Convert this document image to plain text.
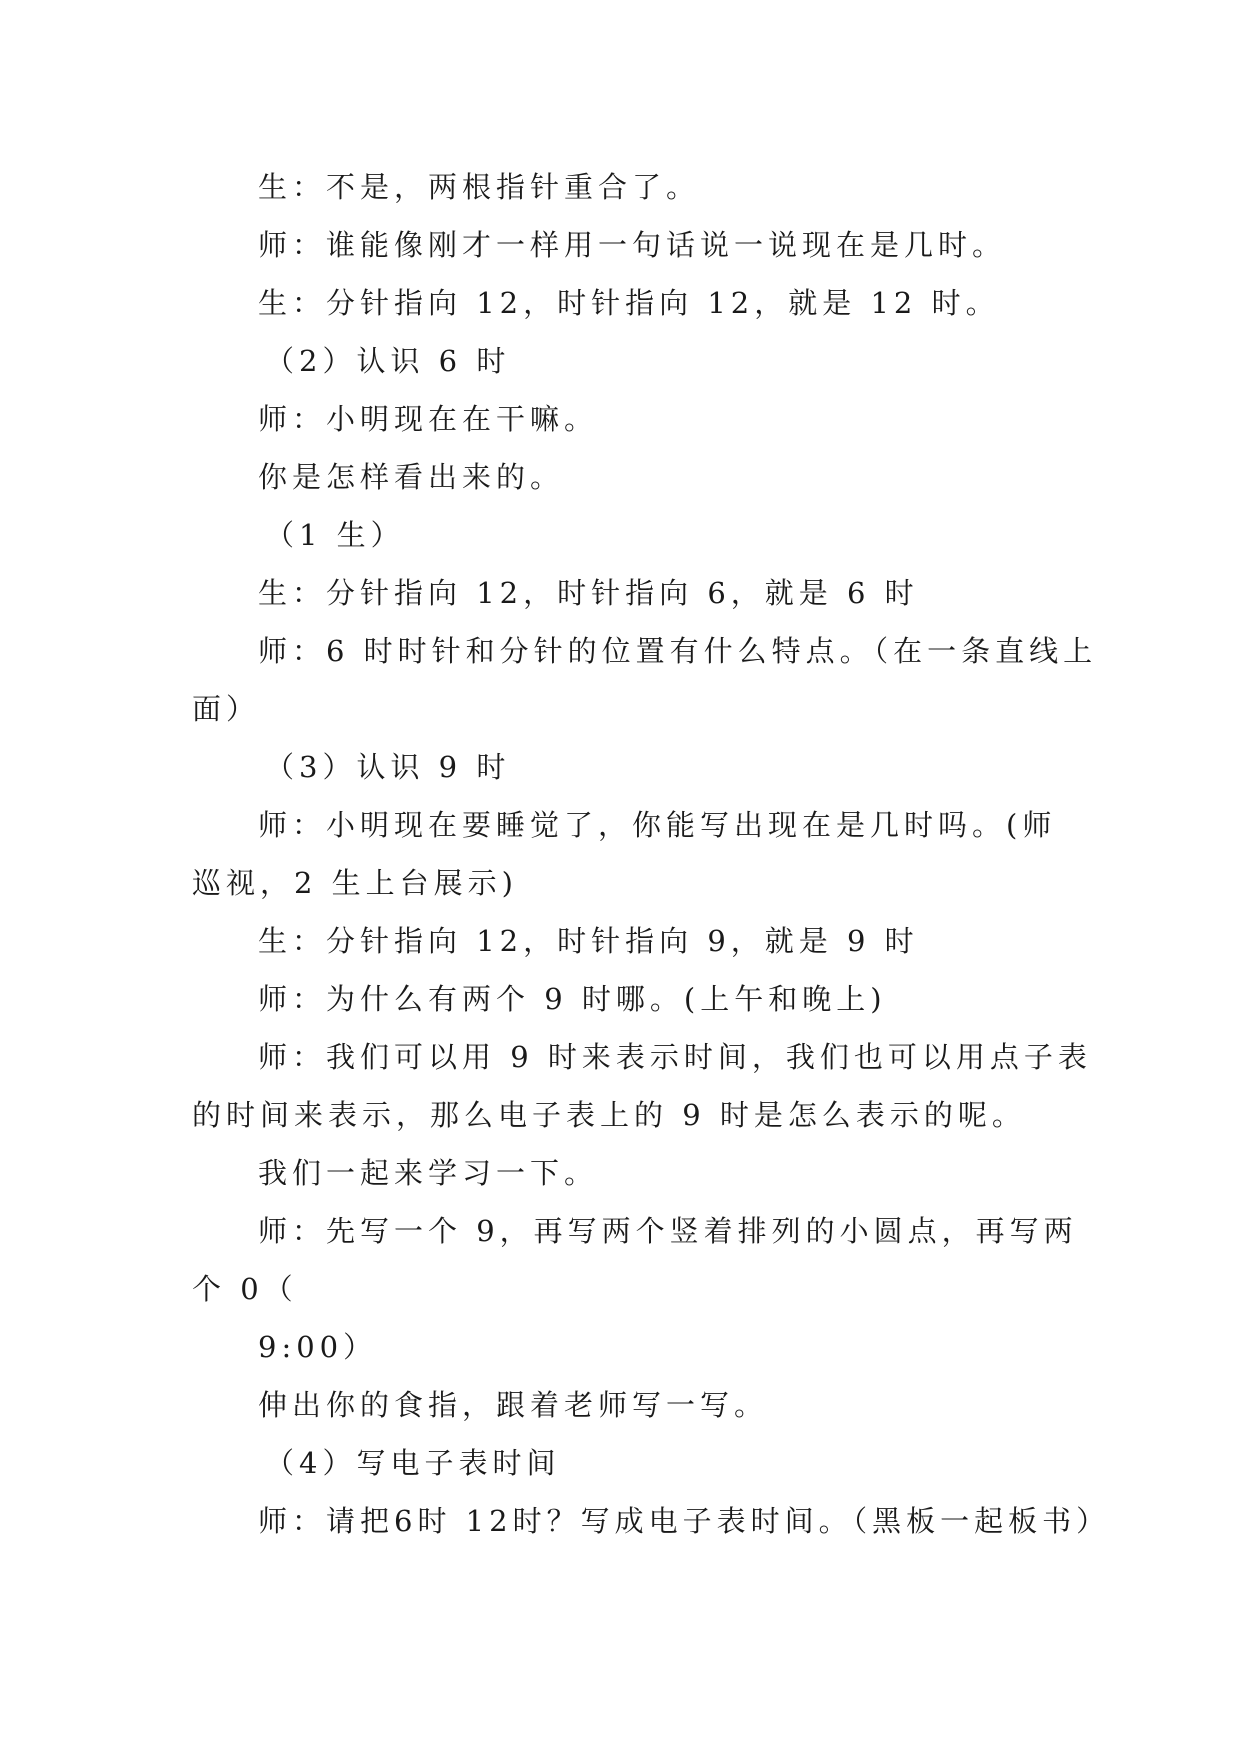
生：不是，两根指针重合了。
师：谁能像刚才一样用一句话说一说现在是几时。
生：分针指向 12，时针指向 12，就是 12 时。
（2）认识 6 时
师：小明现在在干嘛。
你是怎样看出来的。
（1 生）
生：分针指向 12，时针指向 6，就是 6 时
师：6 时时针和分针的位置有什么特点。（在一条直线上
面）
（3）认识 9 时
师：小明现在要睡觉了，你能写出现在是几时吗。(师
巡视，2 生上台展示)
生：分针指向 12，时针指向 9，就是 9 时
师：为什么有两个 9 时哪。(上午和晚上)
师：我们可以用 9 时来表示时间，我们也可以用点子表
的时间来表示，那么电子表上的 9 时是怎么表示的呢。
我们一起来学习一下。
师：先写一个 9，再写两个竖着排列的小圆点，再写两
个 0（
9:00）
伸出你的食指，跟着老师写一写。
（4）写电子表时间
师：请把6时 12时？写成电子表时间。（黑板一起板书）
